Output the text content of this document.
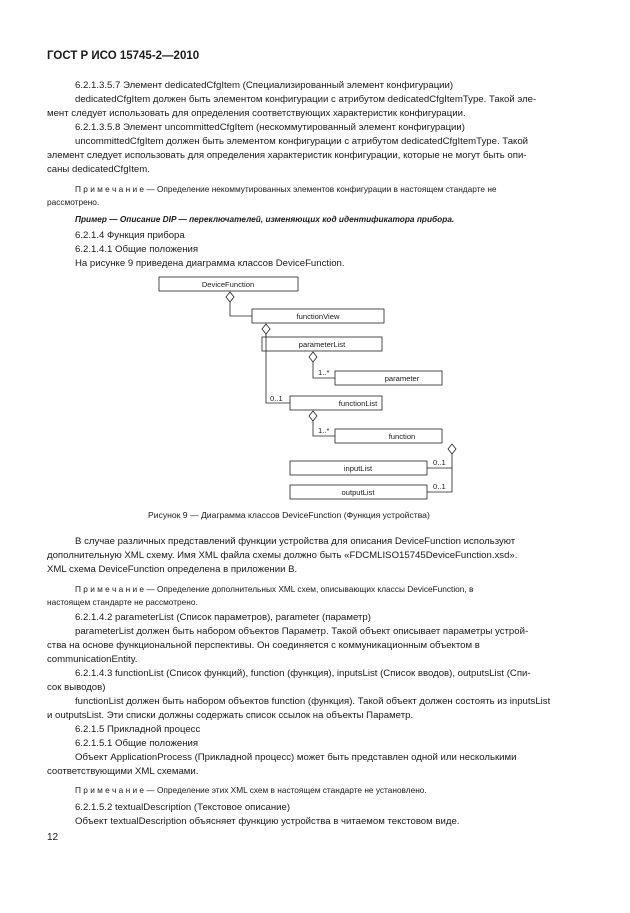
ГОСТ Р ИСО 15745-2—2010
6.2.1.3.5.7 Элемент dedicatedCfgItem (Специализированный элемент конфигурации)
dedicatedCfgItem должен быть элементом конфигурации с атрибутом dedicatedCfgItemType. Такой эле-
мент следует использовать для определения соответствующих характеристик конфигурации.
6.2.1.3.5.8 Элемент uncommittedCfgItem (нескоммутированный элемент конфигурации)
uncommittedCfgItem должен быть элементом конфигурации с атрибутом dedicatedCfgItemType. Такой
элемент следует использовать для определения характеристик конфигурации, которые не могут быть опи-
саны dedicatedCfgItem.
П р и м е ч а н и е — Определение некоммутированных элементов конфигурации в настоящем стандарте не
рассмотрено.
Пример — Описание DIP — переключателей, изменяющих код идентификатора прибора.
6.2.1.4 Функция прибора
6.2.1.4.1 Общие положения
На рисунке 9 приведена диаграмма классов DeviceFunction.
DeviceFunction
functionView
parameterList
parameter
functionList
function
inputList
outputList
1..*
0..1
1..*
0..1
0..1
Рисунок 9 — Диаграмма классов DeviceFunction (Функция устройства)
В случае различных представлений функции устройства для описания DeviceFunction используют
дополнительную XML схему. Имя XML файла схемы должно быть «FDCMLISO15745DeviceFunction.xsd».
XML схема DeviceFunction определена в приложении В.
П р и м е ч а н и е — Определение дополнительных XML схем, описывающих классы DeviceFunction, в
настоящем стандарте не рассмотрено.
6.2.1.4.2 parameterList (Список параметров), parameter (параметр)
parameterList должен быть набором объектов Параметр. Такой объект описывает параметры устрой-
ства на основе функциональной перспективы. Он соединяется с коммуникационным объектом в
communicationEntity.
6.2.1.4.3 functionList (Список функций), function (функция), inputsList (Список вводов), outputsList (Спи-
сок выводов)
functionList должен быть набором объектов function (функция). Такой объект должен состоять из inputsList
и outputsList. Эти списки должны содержать список ссылок на объекты Параметр.
6.2.1.5 Прикладной процесс
6.2.1.5.1 Общие положения
Объект ApplicationProcess (Прикладной процесс) может быть представлен одной или несколькими
соответствующими XML схемами.
П р и м е ч а н и е — Определение этих XML схем в настоящем стандарте не установлено.
6.2.1.5.2 textualDescription (Текстовое описание)
Объект textualDescription объясняет функцию устройства в читаемом текстовом виде.
12
